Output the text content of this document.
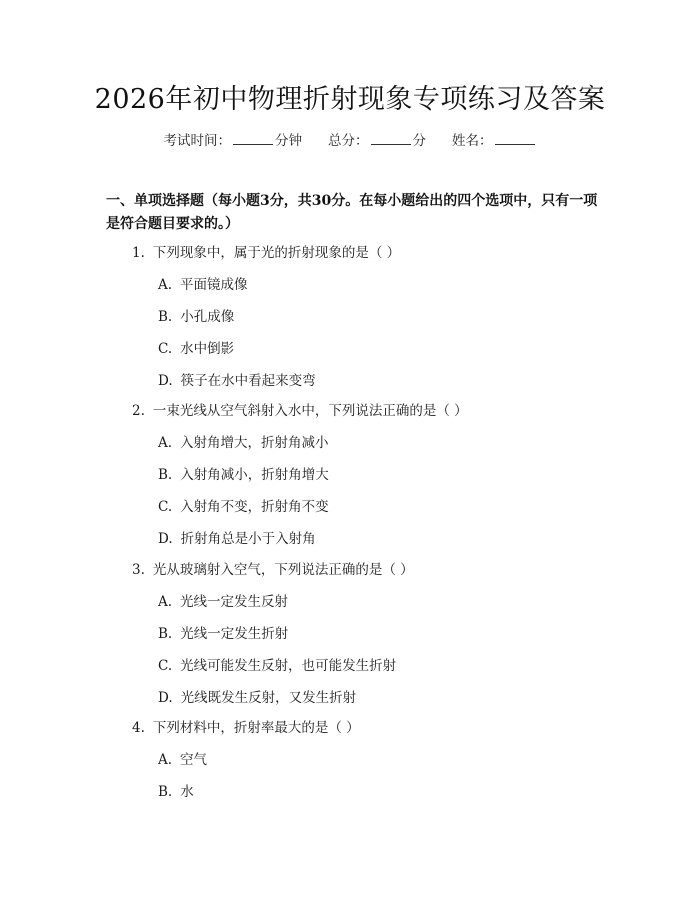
2026年初中物理折射现象专项练习及答案
考试时间：	分钟 总分：	分 姓名：
一、单项选择题（每小题3分，共30分。在每小题给出的四个选项中，只有一项是符合题目要求的。）
1. 下列现象中，属于光的折射现象的是（ ）
A. 平面镜成像
B. 小孔成像
C. 水中倒影
D. 筷子在水中看起来变弯
2. 一束光线从空气斜射入水中，下列说法正确的是（ ）
A. 入射角增大，折射角减小
B. 入射角减小，折射角增大
C. 入射角不变，折射角不变
D. 折射角总是小于入射角
3. 光从玻璃射入空气，下列说法正确的是（ ）
A. 光线一定发生反射
B. 光线一定发生折射
C. 光线可能发生反射，也可能发生折射
D. 光线既发生反射，又发生折射
4. 下列材料中，折射率最大的是（ ）
A. 空气
B. 水
